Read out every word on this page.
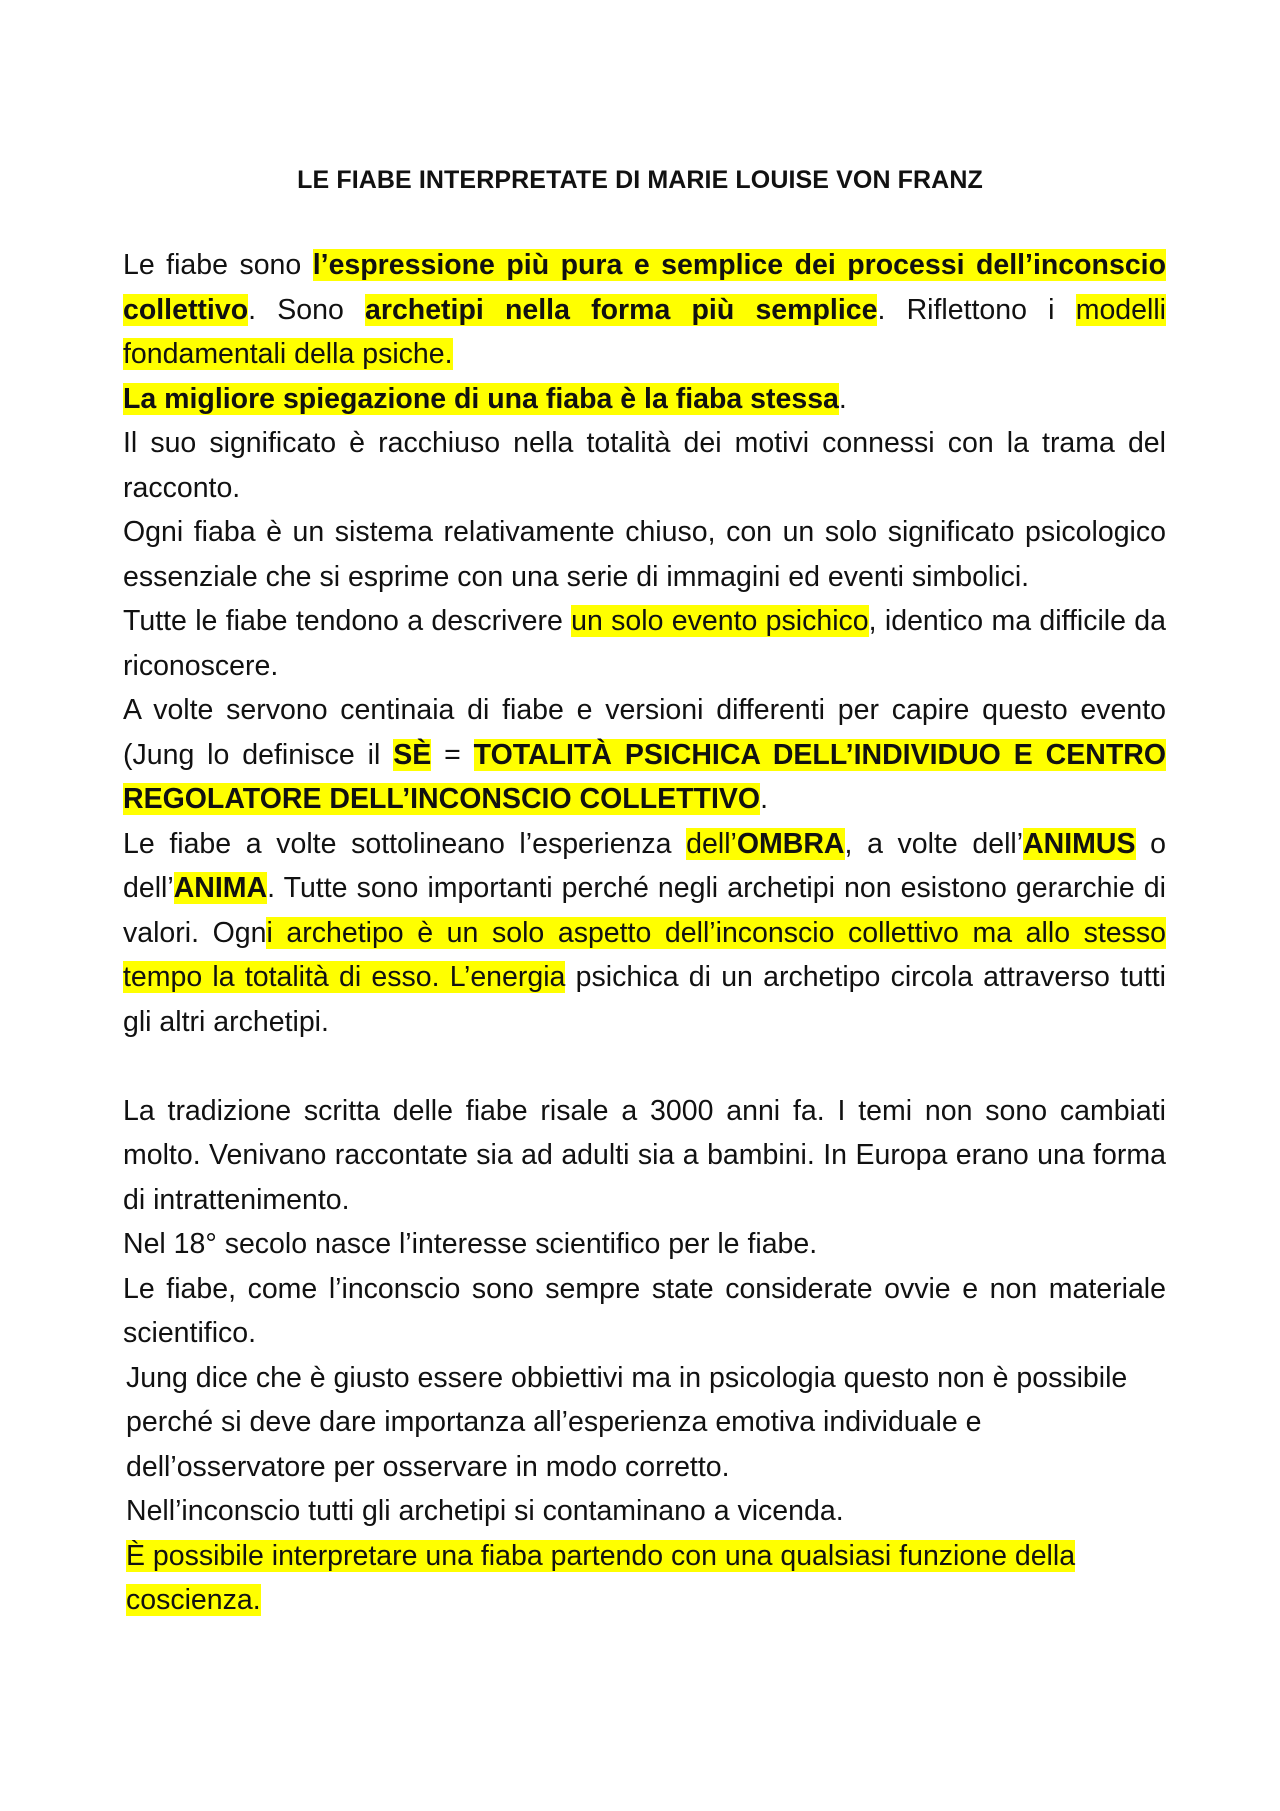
LE FIABE INTERPRETATE DI MARIE LOUISE VON FRANZ

Le fiabe sono l’espressione più pura e semplice dei processi dell’inconscio collettivo. Sono archetipi nella forma più semplice. Riflettono i modelli fondamentali della psiche.

La migliore spiegazione di una fiaba è la fiaba stessa.

Il suo significato è racchiuso nella totalità dei motivi connessi con la trama del racconto.

Ogni fiaba è un sistema relativamente chiuso, con un solo significato psicologico essenziale che si esprime con una serie di immagini ed eventi simbolici.

Tutte le fiabe tendono a descrivere un solo evento psichico, identico ma difficile da riconoscere.

A volte servono centinaia di fiabe e versioni differenti per capire questo evento (Jung lo definisce il SÈ = TOTALITÀ PSICHICA DELL’INDIVIDUO E CENTRO REGOLATORE DELL’INCONSCIO COLLETTIVO.

Le fiabe a volte sottolineano l’esperienza dell’OMBRA, a volte dell’ANIMUS o dell’ANIMA. Tutte sono importanti perché negli archetipi non esistono gerarchie di valori. Ogni archetipo è un solo aspetto dell’inconscio collettivo ma allo stesso tempo la totalità di esso. L’energia psichica di un archetipo circola attraverso tutti gli altri archetipi.

La tradizione scritta delle fiabe risale a 3000 anni fa. I temi non sono cambiati molto. Venivano raccontate sia ad adulti sia a bambini. In Europa erano una forma di intrattenimento.

Nel 18° secolo nasce l’interesse scientifico per le fiabe.

Le fiabe, come l’inconscio sono sempre state considerate ovvie e non materiale scientifico.

Jung dice che è giusto essere obbiettivi ma in psicologia questo non è possibile perché si deve dare importanza all’esperienza emotiva individuale e dell’osservatore per osservare in modo corretto.

Nell’inconscio tutti gli archetipi si contaminano a vicenda.

È possibile interpretare una fiaba partendo con una qualsiasi funzione della coscienza.
